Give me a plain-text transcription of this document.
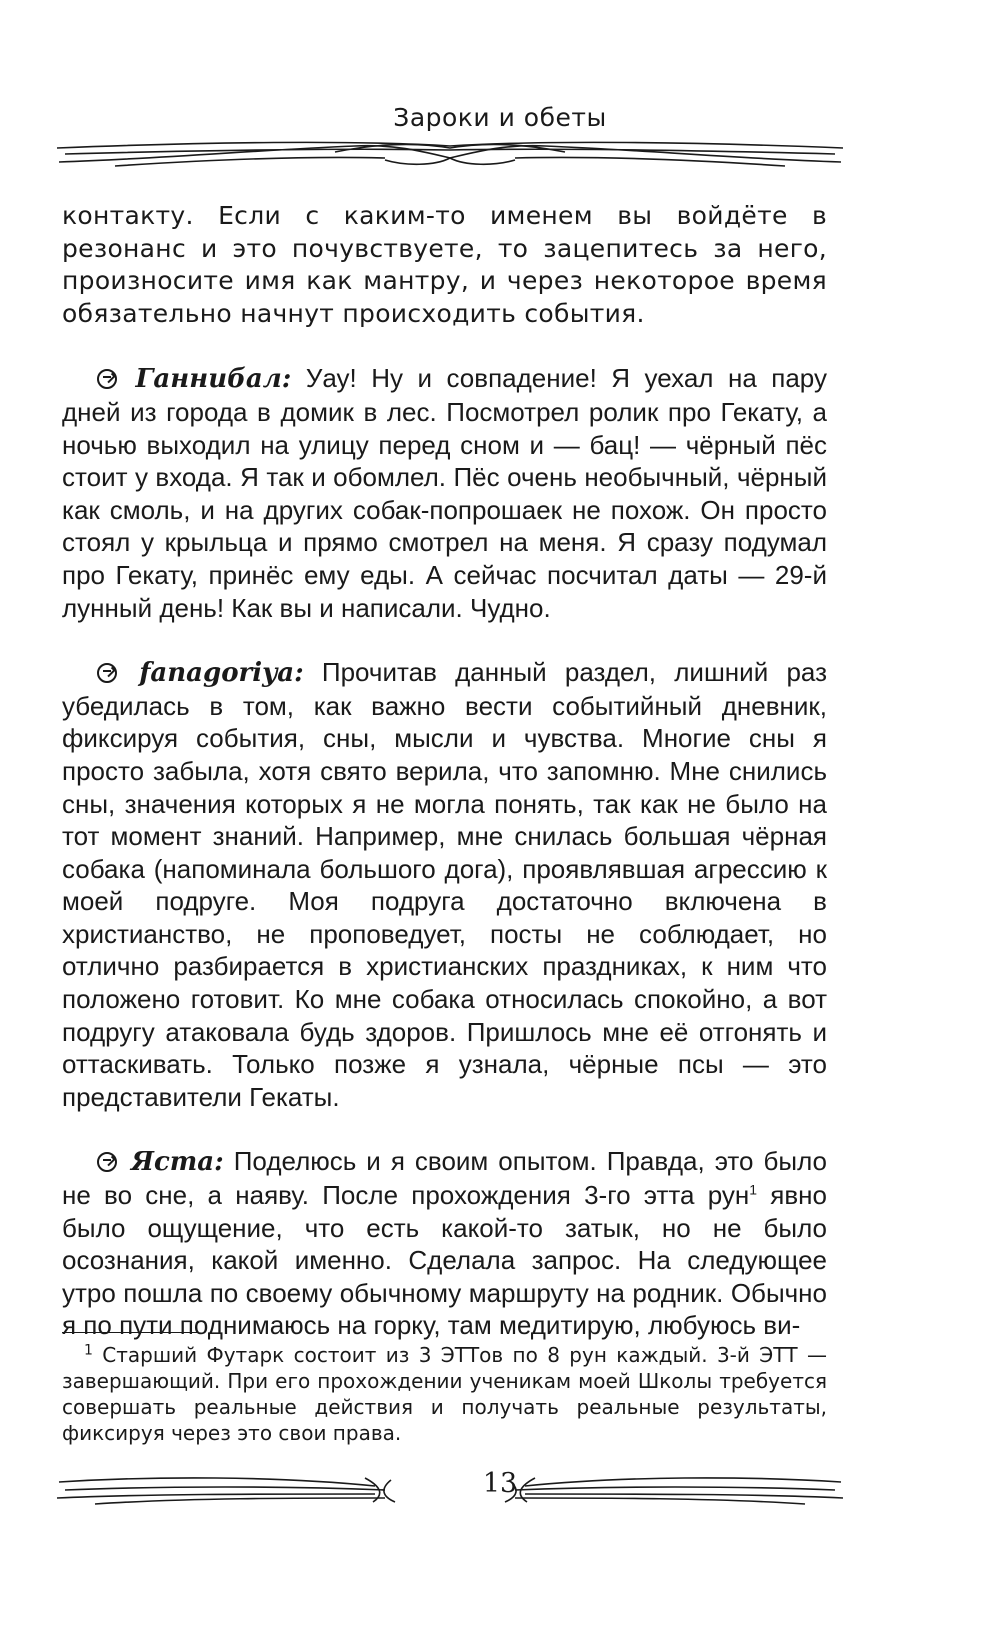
Зароки и обеты

контакту. Если с каким-то именем вы войдёте в резонанс и это почувствуете, то зацепитесь за него, произносите имя как мантру, и через некоторое время обязательно начнут происходить события.

Ганнибал: Уау! Ну и совпадение! Я уехал на пару дней из города в домик в лес. Посмотрел ролик про Гекату, а ночью выходил на улицу перед сном и — бац! — чёрный пёс стоит у входа. Я так и обомлел. Пёс очень необычный, чёрный как смоль, и на других собак-попрошаек не похож. Он просто стоял у крыльца и прямо смотрел на меня. Я сразу подумал про Гекату, принёс ему еды. А сейчас посчитал даты — 29-й лунный день! Как вы и написали. Чудно.

fanagoriya: Прочитав данный раздел, лишний раз убедилась в том, как важно вести событийный дневник, фиксируя события, сны, мысли и чувства. Многие сны я просто забыла, хотя свято верила, что запомню. Мне снились сны, значения которых я не могла понять, так как не было на тот момент знаний. Например, мне снилась большая чёрная собака (напоминала большого дога), проявлявшая агрессию к моей подруге. Моя подруга достаточно включена в христианство, не проповедует, посты не соблюдает, но отлично разбирается в христианских праздниках, к ним что положено готовит. Ко мне собака относилась спокойно, а вот подругу атаковала будь здоров. Пришлось мне её отгонять и оттаскивать. Только позже я узнала, чёрные псы — это представители Гекаты.

Яста: Поделюсь и я своим опытом. Правда, это было не во сне, а наяву. После прохождения 3-го этта рун$^1$ явно было ощущение, что есть какой-то затык, но не было осознания, какой именно. Сделала запрос. На следующее утро пошла по своему обычному маршруту на родник. Обычно я по пути поднимаюсь на горку, там медитирую, любуюсь ви-

$^1$ Старший Футарк состоит из 3 ЭТТов по 8 рун каждый. 3-й ЭТТ — завершающий. При его прохождении ученикам моей Школы требуется совершать реальные действия и получать реальные результаты, фиксируя через это свои права.

13
